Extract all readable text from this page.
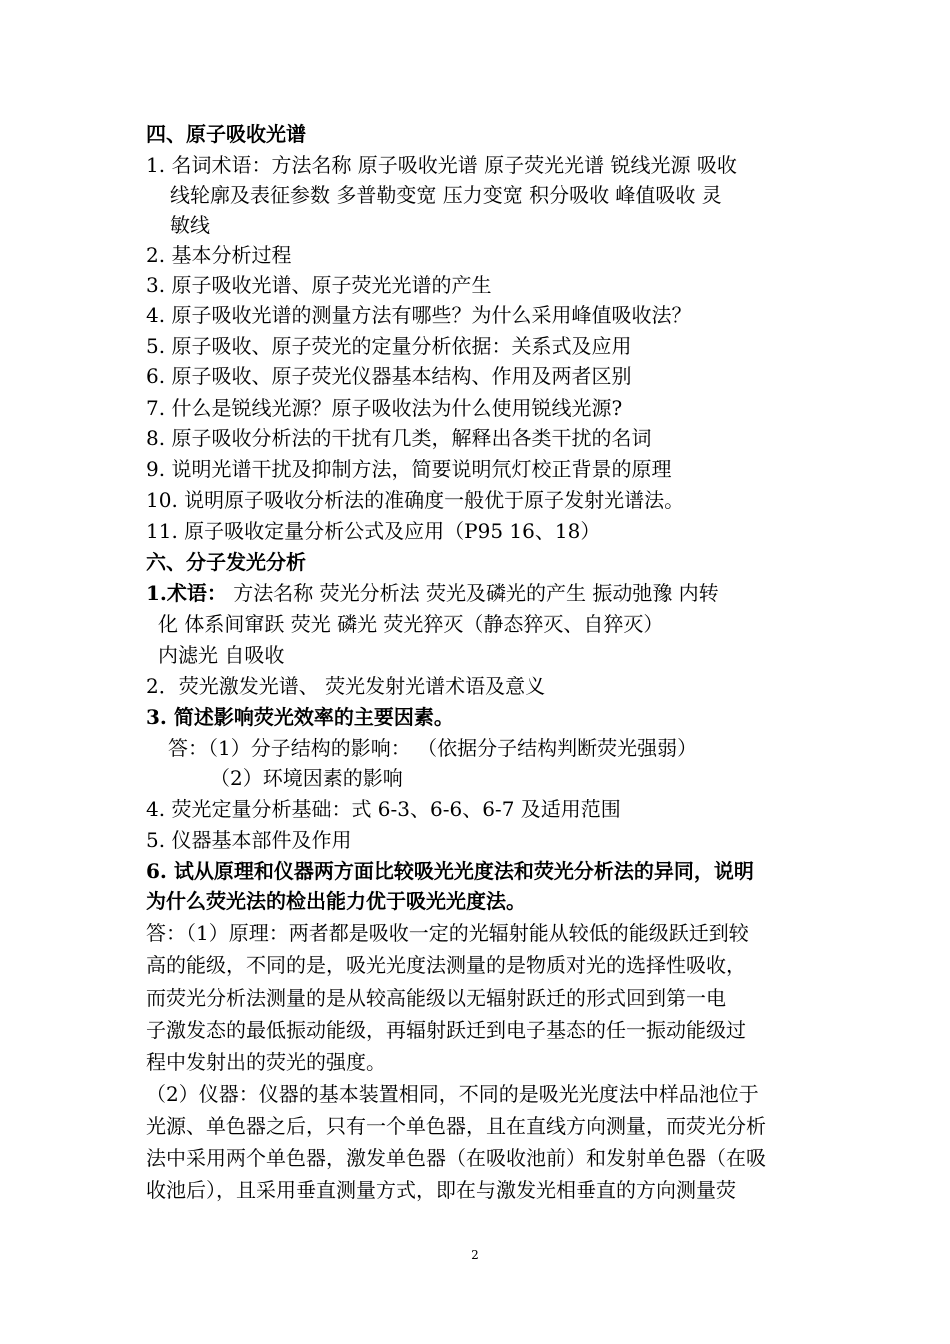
四、原子吸收光谱
1. 名词术语：方法名称 原子吸收光谱 原子荧光光谱 锐线光源 吸收
线轮廓及表征参数 多普勒变宽 压力变宽 积分吸收 峰值吸收 灵
敏线
2. 基本分析过程
3. 原子吸收光谱、原子荧光光谱的产生
4. 原子吸收光谱的测量方法有哪些？为什么采用峰值吸收法？
5. 原子吸收、原子荧光的定量分析依据：关系式及应用
6. 原子吸收、原子荧光仪器基本结构、作用及两者区别
7. 什么是锐线光源？原子吸收法为什么使用锐线光源?
8. 原子吸收分析法的干扰有几类，解释出各类干扰的名词
9. 说明光谱干扰及抑制方法，简要说明氘灯校正背景的原理
10. 说明原子吸收分析法的准确度一般优于原子发射光谱法。
11. 原子吸收定量分析公式及应用（P95 16、18）
六、分子发光分析
1.术语： 方法名称 荧光分析法 荧光及磷光的产生 振动弛豫 内转
化 体系间窜跃 荧光 磷光 荧光猝灭（静态猝灭、自猝灭）
内滤光 自吸收
2．荧光激发光谱、 荧光发射光谱术语及意义
3. 简述影响荧光效率的主要因素。
答：（1）分子结构的影响： （依据分子结构判断荧光强弱）
（2）环境因素的影响
4. 荧光定量分析基础：式 6-3、6-6、6-7 及适用范围
5. 仪器基本部件及作用
6. 试从原理和仪器两方面比较吸光光度法和荧光分析法的异同，说明
为什么荧光法的检出能力优于吸光光度法。
答：（1）原理：两者都是吸收一定的光辐射能从较低的能级跃迁到较
高的能级，不同的是，吸光光度法测量的是物质对光的选择性吸收，
而荧光分析法测量的是从较高能级以无辐射跃迁的形式回到第一电
子激发态的最低振动能级，再辐射跃迁到电子基态的任一振动能级过
程中发射出的荧光的强度。
（2）仪器：仪器的基本装置相同，不同的是吸光光度法中样品池位于
光源、单色器之后，只有一个单色器，且在直线方向测量，而荧光分析
法中采用两个单色器，激发单色器（在吸收池前）和发射单色器（在吸
收池后），且采用垂直测量方式，即在与激发光相垂直的方向测量荧
2
